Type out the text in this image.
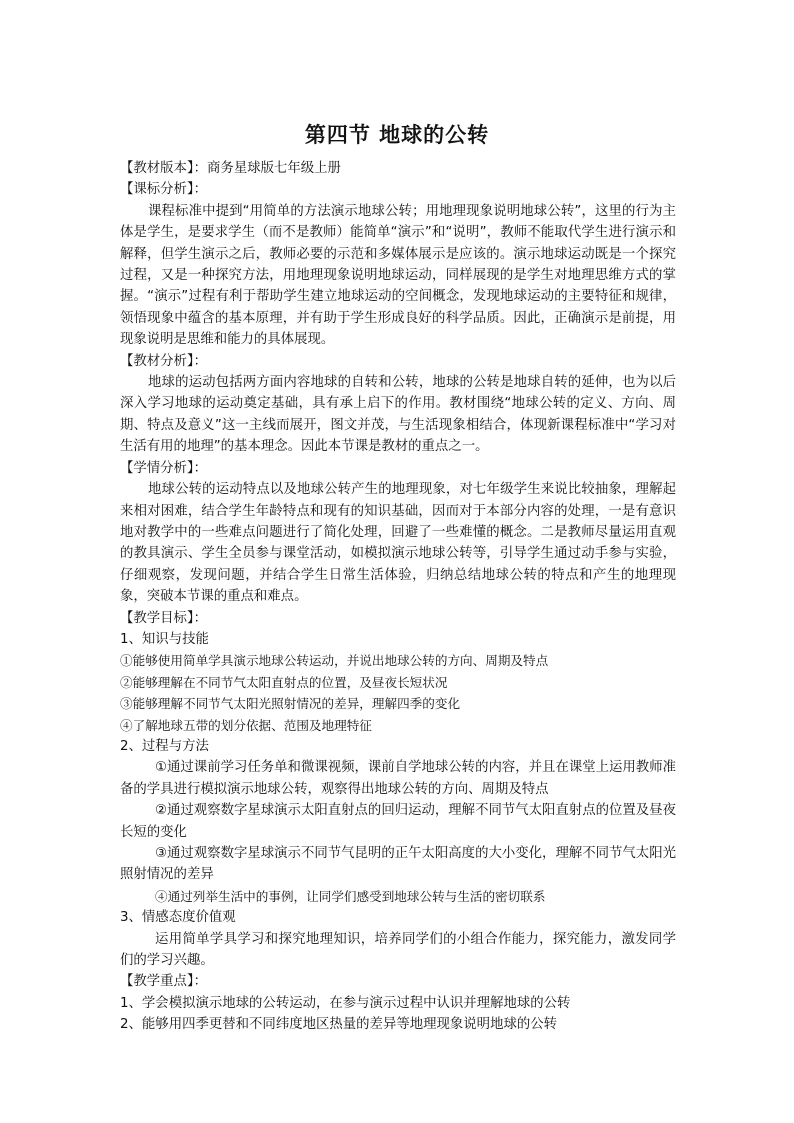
第四节 地球的公转

【教材版本】：商务星球版七年级上册

【课标分析】：

课程标准中提到“用简单的方法演示地球公转；用地理现象说明地球公转”，这里的行为主体是学生，是要求学生（而不是教师）能简单“演示”和“说明”，教师不能取代学生进行演示和解释，但学生演示之后，教师必要的示范和多媒体展示是应该的。演示地球运动既是一个探究过程，又是一种探究方法，用地理现象说明地球运动，同样展现的是学生对地理思维方式的掌握。“演示”过程有利于帮助学生建立地球运动的空间概念，发现地球运动的主要特征和规律，领悟现象中蕴含的基本原理，并有助于学生形成良好的科学品质。因此，正确演示是前提，用现象说明是思维和能力的具体展现。

【教材分析】：

地球的运动包括两方面内容地球的自转和公转，地球的公转是地球自转的延伸，也为以后深入学习地球的运动奠定基础，具有承上启下的作用。教材围绕“地球公转的定义、方向、周期、特点及意义”这一主线而展开，图文并茂，与生活现象相结合，体现新课程标准中“学习对生活有用的地理”的基本理念。因此本节课是教材的重点之一。

【学情分析】：

地球公转的运动特点以及地球公转产生的地理现象，对七年级学生来说比较抽象，理解起来相对困难，结合学生年龄特点和现有的知识基础，因而对于本部分内容的处理，一是有意识地对教学中的一些难点问题进行了简化处理，回避了一些难懂的概念。二是教师尽量运用直观的教具演示、学生全员参与课堂活动，如模拟演示地球公转等，引导学生通过动手参与实验，仔细观察，发现问题，并结合学生日常生活体验，归纳总结地球公转的特点和产生的地理现象，突破本节课的重点和难点。

【教学目标】：

1、知识与技能

①能够使用简单学具演示地球公转运动，并说出地球公转的方向、周期及特点

②能够理解在不同节气太阳直射点的位置，及昼夜长短状况

③能够理解不同节气太阳光照射情况的差异，理解四季的变化

④了解地球五带的划分依据、范围及地理特征

2、过程与方法

①通过课前学习任务单和微课视频，课前自学地球公转的内容，并且在课堂上运用教师准备的学具进行模拟演示地球公转，观察得出地球公转的方向、周期及特点

②通过观察数字星球演示太阳直射点的回归运动，理解不同节气太阳直射点的位置及昼夜长短的变化

③通过观察数字星球演示不同节气昆明的正午太阳高度的大小变化，理解不同节气太阳光照射情况的差异

④通过列举生活中的事例，让同学们感受到地球公转与生活的密切联系

3、情感态度价值观

运用简单学具学习和探究地理知识，培养同学们的小组合作能力，探究能力，激发同学们的学习兴趣。

【教学重点】：

1、学会模拟演示地球的公转运动，在参与演示过程中认识并理解地球的公转

2、能够用四季更替和不同纬度地区热量的差异等地理现象说明地球的公转
